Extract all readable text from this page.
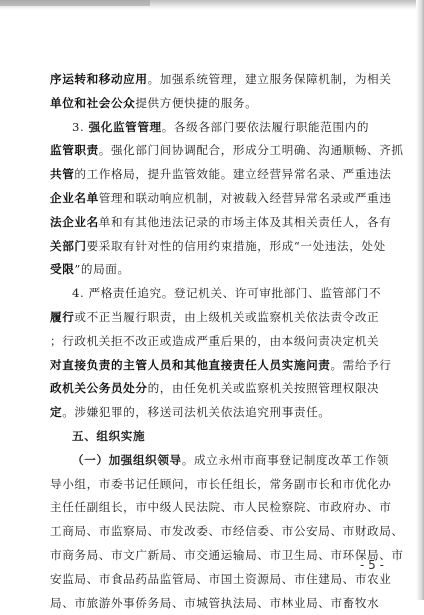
序运转和移动应用。加强系统管理，建立服务保障机制，为相关
单位和社会公众提供方便快捷的服务。
3. 强化监管管理。各级各部门要依法履行职能范围内的
监管职责。强化部门间协调配合，形成分工明确、沟通顺畅、齐抓
共管的工作格局，提升监管效能。建立经营异常名录、严重违法
企业名单管理和联动响应机制，对被载入经营异常名录或严重违
法企业名单和有其他违法记录的市场主体及其相关责任人，各有
关部门要采取有针对性的信用约束措施，形成“一处违法，处处
受限”的局面。
4. 严格责任追究。登记机关、许可审批部门、监管部门不
履行或不正当履行职责，由上级机关或监察机关依法责令改正
；行政机关拒不改正或造成严重后果的，由本级问责决定机关
对直接负责的主管人员和其他直接责任人员实施问责。需给予行
政机关公务员处分的，由任免机关或监察机关按照管理权限决
定。涉嫌犯罪的，移送司法机关依法追究刑事责任。
五、组织实施
（一）加强组织领导。成立永州市商事登记制度改革工作领
导小组，市委书记任顾问，市长任组长，常务副市长和市优化办
主任任副组长，市中级人民法院、市人民检察院、市政府办、市
工商局、市监察局、市发改委、市经信委、市公安局、市财政局、
市商务局、市文广新局、市交通运输局、市卫生局、市环保局、市
安监局、市食品药品监管局、市国土资源局、市住建局、市农业
局、市旅游外事侨务局、市城管执法局、市林业局、市畜牧水
- 5 -
